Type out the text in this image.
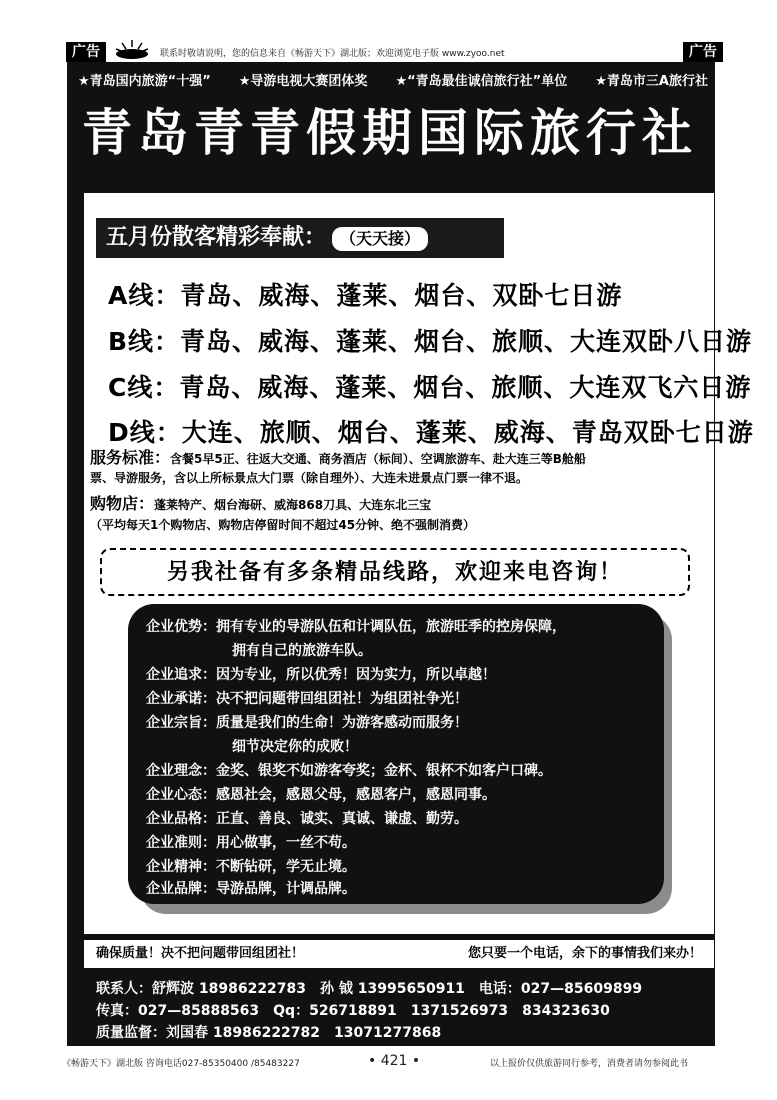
广告	广告
联系时敬请说明，您的信息来自《畅游天下》湖北版；欢迎浏览电子版 www.zyoo.net
★青岛国内旅游“十强” ★导游电视大赛团体奖 ★“青岛最佳诚信旅行社”单位 ★青岛市三A旅行社
青岛青青假期国际旅行社
五月份散客精彩奉献： （天天接）
A线：青岛、威海、蓬莱、烟台、双卧七日游
B线：青岛、威海、蓬莱、烟台、旅顺、大连双卧八日游
C线：青岛、威海、蓬莱、烟台、旅顺、大连双飞六日游
D线：大连、旅顺、烟台、蓬莱、威海、青岛双卧七日游
服务标准：含餐5早5正、往返大交通、商务酒店（标间）、空调旅游车、赴大连三等B舱船
票、导游服务，含以上所标景点大门票（除自理外）、大连未进景点门票一律不退。
购物店：蓬莱特产、烟台海研、威海868刀具、大连东北三宝
（平均每天1个购物店、购物店停留时间不超过45分钟、绝不强制消费）
另我社备有多条精品线路，欢迎来电咨询！
企业优势：拥有专业的导游队伍和计调队伍，旅游旺季的控房保障，
拥有自己的旅游车队。
企业追求：因为专业，所以优秀！因为实力，所以卓越！
企业承诺：决不把问题带回组团社！为组团社争光！
企业宗旨：质量是我们的生命！为游客感动而服务！
细节决定你的成败！
企业理念：金奖、银奖不如游客夸奖；金杯、银杯不如客户口碑。
企业心态：感恩社会，感恩父母，感恩客户，感恩同事。
企业品格：正直、善良、诚实、真诚、谦虚、勤劳。
企业准则：用心做事，一丝不苟。
企业精神：不断钻研，学无止境。
企业品牌：导游品牌，计调品牌。
确保质量！决不把问题带回组团社！	您只要一个电话，余下的事情我们来办！
联系人：舒辉波 18986222783　孙 钺 13995650911　电话：027—85609899
传真：027—85888563　Qq：526718891　1371526973　834323630
质量监督：刘国春 18986222782　13071277868
《畅游天下》湖北版 咨询电话027-85350400 /85483227	• 421 •	以上报价仅供旅游同行参考，消费者请勿参阅此书
